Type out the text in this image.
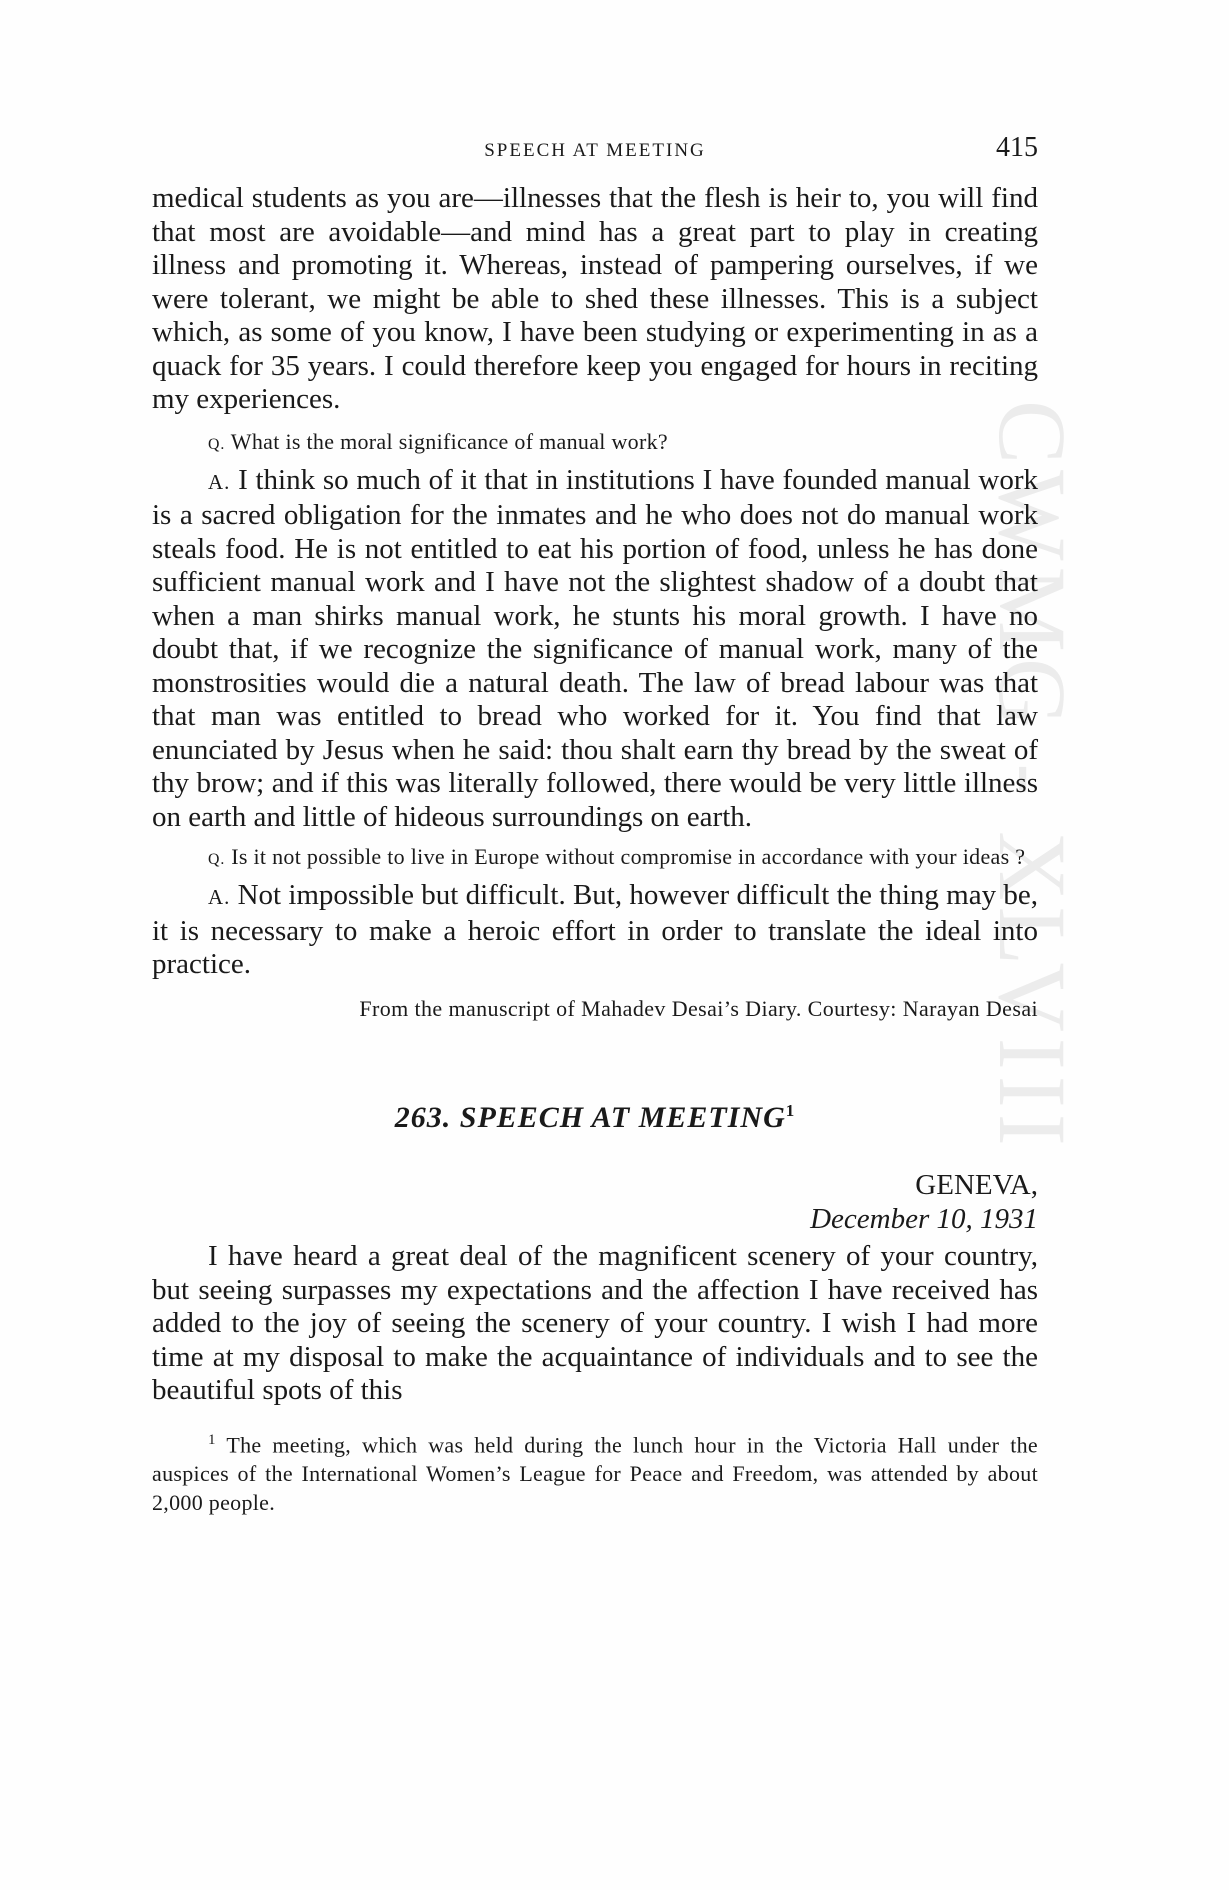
CWMG - XLVIII
SPEECH AT MEETING	415

medical students as you are—illnesses that the flesh is heir to, you will find that most are avoidable—and mind has a great part to play in creating illness and promoting it. Whereas, instead of pampering ourselves, if we were tolerant, we might be able to shed these illnesses. This is a subject which, as some of you know, I have been studying or experimenting in as a quack for 35 years. I could therefore keep you engaged for hours in reciting my experiences.

Q. What is the moral significance of manual work?

A. I think so much of it that in institutions I have founded manual work is a sacred obligation for the inmates and he who does not do manual work steals food. He is not entitled to eat his portion of food, unless he has done sufficient manual work and I have not the slightest shadow of a doubt that when a man shirks manual work, he stunts his moral growth. I have no doubt that, if we recognize the significance of manual work, many of the monstrosities would die a natural death. The law of bread labour was that that man was entitled to bread who worked for it. You find that law enunciated by Jesus when he said: thou shalt earn thy bread by the sweat of thy brow; and if this was literally followed, there would be very little illness on earth and little of hideous surroundings on earth.

Q. Is it not possible to live in Europe without compromise in accordance with your ideas ?

A. Not impossible but difficult. But, however difficult the thing may be, it is necessary to make a heroic effort in order to translate the ideal into practice.

From the manuscript of Mahadev Desai’s Diary. Courtesy: Narayan Desai

263. SPEECH AT MEETING$^1$

GENEVA,

December 10, 1931

I have heard a great deal of the magnificent scenery of your country, but seeing surpasses my expectations and the affection I have received has added to the joy of seeing the scenery of your country. I wish I had more time at my disposal to make the acquaintance of individuals and to see the beautiful spots of this

$^1$ The meeting, which was held during the lunch hour in the Victoria Hall under the auspices of the International Women’s League for Peace and Freedom, was attended by about 2,000 people.
